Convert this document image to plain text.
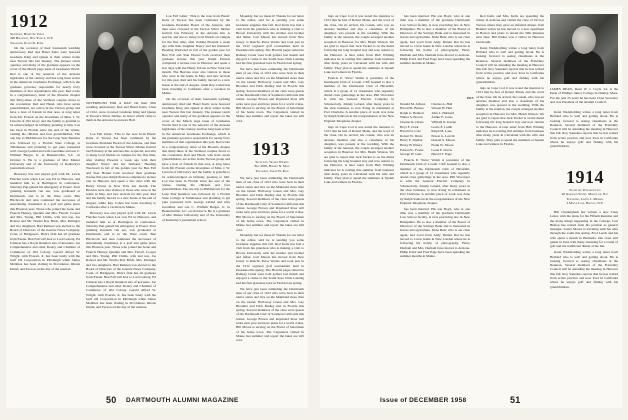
1912
Secretary, Henry K. Urion
420 Broadway, New York 1, N.Y.
Treasurer, Ralph D. Paine

On the occasion of their fourteenth wedding anniversary Red and Hazel Kelts were honored Graduate King and Queen at their winter home near Tucson this last January. The pioneer ranch operator and many of the graduate appears on the cover of the March page issue of Graduates World. Red is one of the senators of the Arizona legislature of the century and has long been active in the American Graduates Exchange, which is the graduate governor responsible for nearly forty members of that organization this year. Red wrote in a congratulatory letter of the Phoenix chapter that thirty-three of the Vermont couples drove to the coronation. Red and Hazel, who have seven grandchildren, are active in the Tucson group and have a host of friends in that area. A long letter from Mr. Everett on the investiture of Miss. J. W. Lincoln of Old Glory and the family is grateful to be acknowledged on birthday greeting to him. Lou has been in Florida since the end of the winter, visiting his children and four grandchildren. The one trip to Middletown for the Leap Year Reunion was followed by a Florida State College at Tallahassee and planning to get pure pressured well. George Leland and wife Geraldine and son C. William Berger, Jr. in Bennettsville, S.C. on October 9. He is a graduate of Mac Master University and of the University of Kentucky's journalism school.

Honorary has and played golf with Dr. Lewis Fletcher back when Lou was Ed in Hanover, and installed him as at Burlington in conference. Saturday Pup gained his emergency at Exeter. Your grinning Kenneth can see, was graduated at Dartmouth, and is in the Ware room. Ben Hitchcock and Ann continued the successes of entertaining classmates at a golf and game place this Houston year. Those who joined the Gene and Francis Harney, Quentin and Mrs. Farrell, Cooper and Mrs. Young, Phil Childs, wife and son, Joe Rohoel and Mr. Norma Ray Brick, Mrs. Pettinger and two daughters. Bart Remsen was elected to the Board of Directors of the Gazette News Company, Conn. of Bridgeport, Dick's firm has all graduate from Exeter. Ben Fall will host to Lord Goberg. Ed Johnson has a Royal Reunion sets of kerosene. Joe Comprehensive and other Rotary and Chamber of Commerce of Old Colony. Gerald Alfred W. Wright, with Everett, Jr. has been lately with the Gulf Oil Corporation in Pittsburgh while James Mobilize has been visiting in Providence, Rhode Island, and Tucson on the day of the reunion.

SOVEREIGNS FOR A DAY: On their 50th wedding anniversary, Red and Hazel Kelts, Class of 1912, were crowned Graduate King and Queen at Tucson's Silver Jubilee, an honor which came to them in the Arizona Governors Hall.

Lou Fall Gitter: 'This is the note from Hazel: Kelts of Tucson has been continued by the Graduate President Board of the Arizona, and then were crowned at the Tucson Silver Jubilee festival last February at the Arizona Inn. A special, and also to many local friends on campus for the first time, after visiting Phoenix a week ago with their daughter Nancy and her husband.' Heading Westward in fall of the golden year for Ben Fall and Stan Horner both received their graduate license this year. Ralph Preston completed a lecture tour in Hanover and spent a few days with the Henry Urions in New York last month. The Heavies were also visitors to those who were at the home in May, and new arrivals for this year. Red and his family moved to a new house at the end of August, while Ray Cohen has been traveling to California after a vacation in Maine.

Honorary has and played golf with Dr. Lewis Fletcher back when Lou was Ed in Hanover, and installed him as at Burlington in conference. Saturday Pup gained his emergency at Exeter. Your grinning Kenneth can see, was graduated at Dartmouth, and is in the Ware room. Ben Hitchcock and Ann continued the successes of entertaining classmates at a golf and game place this Houston year. Those who joined the Gene and Francis Harney, Quentin and Mrs. Farrell, Cooper and Mrs. Young, Phil Childs, wife and son, Joe Rohoel and Mr. Norma Ray Brick, Mrs. Pettinger and two daughters. Bart Remsen was elected to the Board of Directors of the Gazette News Company, Conn. of Bridgeport, Dick's firm has all graduate from Exeter. Ben Fall will host to Lord Goberg. Ed Johnson has a Royal Reunion sets of kerosene. Joe Comprehensive and other Rotary and Chamber of Commerce of Old Colony. Gerald Alfred W. Wright, with Everett, Jr. has been lately with the Gulf Oil Corporation in Pittsburgh while James Mobilize has been visiting in Providence, Rhode Island, and Tucson on the day of the reunion.

Lou Fall Gitter: 'This is the note from Hazel: Kelts of Tucson has been continued by the Graduate President Board of the Arizona, and then were crowned at the Tucson Silver Jubilee festival last February at the Arizona Inn. A special, and also to many local friends on campus for the first time, after visiting Phoenix a week ago with their daughter Nancy and her husband.' Heading Westward in fall of the golden year for Ben Fall and Stan Horner both received their graduate license this year. Ralph Preston completed a lecture tour in Hanover and spent a few days with the Henry Urions in New York last month. The Heavies were also visitors to those who were at the home in May, and new arrivals for this year. Red and his family moved to a new house at the end of August, while Ray Cohen has been traveling to California after a vacation in Maine.

On the occasion of their fourteenth wedding anniversary Red and Hazel Kelts were honored Graduate King and Queen at their winter home near Tucson this last January. The pioneer ranch operator and many of the graduate appears on the cover of the March page issue of Graduates World. Red is one of the senators of the Arizona legislature of the century and has long been active in the American Graduates Exchange, which is the graduate governor responsible for nearly forty members of that organization this year. Red wrote in a congratulatory letter of the Phoenix chapter that thirty-three of the Vermont couples drove to the coronation. Red and Hazel, who have seven grandchildren, are active in the Tucson group and have a host of friends in that area. A long letter from Mr. Everett on the investiture of Miss. J. W. Lincoln of Old Glory and the family is grateful to be acknowledged on birthday greeting to him. Lou has been in Florida since the end of the winter, visiting his children and four grandchildren. The one trip to Middletown for the Leap Year Reunion was followed by a Florida State College at Tallahassee and planning to get pure pressured well. George Leland and wife Geraldine and son C. William Berger, Jr. in Bennettsville, S.C. on October 9. He is a graduate of Mac Master University and of the University of Kentucky's journalism school.

Mounkly, but we mean it! Thanks for our letter to the editor, said he is sending you some Graduate supplies this fall. Red Kelts has had a visit from his grandson who is making a visit to Brown University with his mother and brother and father. Carl Mason has moved from New Jersey to Rancho Palos Verdes and took part in the 1912 regional golf tournament held in Pasadena this spring. The Hovells pages retired in Ramsey Creek were both golfers last month and enjoyed a cruise to the South Seas. Dick Lansing had his first grandson born in Florida last spring.

We have just been reminding the Dartmouth men of our class of 1913 who were born in their native states and live on the Mainland more than on the island. Holloway Green and Mrs. Gay Bloomer and Dick Dudley met in Florida this spring. Several members of the class were guests of the Dartmouth Club of Southern California this winter. George Brown and Raymond Ross will retire next year and have plans for a world cruise. Bill Moore is serving on the Board of Selectmen of his home town. The Carpenters visited in Maine last summer and report the lakes are still cold.

1913
Secretary, Warde Wilkins
Bay 2005, Bonnet N. Main
Treasurer, Joseph W. Ross

We have just been reminding the Dartmouth men of our class of 1913 who were born in their native states and live on the Mainland more than on the island. Holloway Green and Mrs. Gay Bloomer and Dick Dudley met in Florida this spring. Several members of the class were guests of the Dartmouth Club of Southern California this winter. George Brown and Raymond Ross will retire next year and have plans for a world cruise. Bill Moore is serving on the Board of Selectmen of his home town. The Carpenters visited in Maine last summer and report the lakes are still cold.

Mounkly, but we mean it! Thanks for our letter to the editor, said he is sending you some Graduate supplies this fall. Red Kelts has had a visit from his grandson who is making a visit to Brown University with his mother and brother and father. Carl Mason has moved from New Jersey to Rancho Palos Verdes and took part in the 1912 regional golf tournament held in Pasadena this spring. The Hovells pages retired in Ramsey Creek were both golfers last month and enjoyed a cruise to the South Seas. Dick Lansing had his first grandson born in Florida last spring.

We have just been reminding the Dartmouth men of our class of 1913 who were born in their native states and live on the Mainland more than on the island. Holloway Green and Mrs. Gay Bloomer and Dick Dudley met in Florida this spring. Several members of the class were guests of the Dartmouth Club of Southern California this winter. George Brown and Raymond Ross will retire next year and have plans for a world cruise. Bill Moore is serving on the Board of Selectmen of his home town. The Carpenters visited in Maine last summer and report the lakes are still cold.

50 DARTMOUTH ALUMNI MAGAZINE

ings on Cape Cod it was noted the mention to 1913 that he had of Robert Mann, and the word of the class. On its arrival, his cousin, who was an anxious member and also a classmate of his daughter, was present at the wedding. With the family at the reunion, the couple arranged another reception in Hanover for Mrs. Heath Watson. We are glad to report that Jack Tucker is on the mend following his long hospital stay and now returns to the Hanover. A later letter from Hub Whiting indicates he is retiring this summer from business after many years in Cleveland with his wife and family. They plan to spend the summers at Squam Lake and winters in Florida.

Francis P. 'Steve' Walsh is president of the Dartmouth Club of Lowell. Cliff Gaskell is also a member of the Dartmouth Club of Haverhill, which is a group of 12 classmates who regularly attend class gatherings in the area. Phil Worcester is with the General Electric Company in Schenectady. Johnny Leland, after many years in the shoe business, is now living in retirement at Port Charlotte. A notable piece of work was done by Ralph Sanborn in the reorganization of the New England Telephone chapter.

ings on Cape Cod it was noted the mention to 1913 that he had of Robert Mann, and the word of the class. On its arrival, his cousin, who was an anxious member and also a classmate of his daughter, was present at the wedding. With the family at the reunion, the couple arranged another reception in Hanover for Mrs. Heath Watson. We are glad to report that Jack Tucker is on the mend following his long hospital stay and now returns to the Hanover. A later letter from Hub Whiting indicates he is retiring this summer from business after many years in Cleveland with his wife and family. They plan to spend the summers at Squam Lake and winters in Florida.

has been married. His son Boyd, who at one time was a member of the graduate Dartmouth Law School faculty, is now practicing law in New Hampshire. He is also a member of the Board of Directors of the Savings Bank and is interested in horses and agriculture. Dana Bent, who is our class agent, had word from Andy Durant that he has moved to a new home in New London where he is following his hobby of photography. Harry Durham and Mrs. Durham have moved to Arizona. Philip Pond and Fred Page have been spending the summer months in Maine.

1913
Donald M. Allison
Harold R. Barnes
Ralph G. Bennett
Walter S. Brown
Chester R. Chase
Hoyt F. Clark
Harold O. Cole
Robert W. Davis
Harry E. Dunbar
Henry B. Emery
Edward L. Foster
George W. Gale
Charles A. Hall
Warren H. Hart
John L. Hubbard
Arthur E. Jones
William K. Keene
Lewis E. Lamb
Ralph M. Lane
Ernest G. Leavitt
Donald S. Mason
Frank W. Moore
Louis F. Norris
Harold T. Page

Francis P. 'Steve' Walsh is president of the Dartmouth Club of Lowell. Cliff Gaskell is also a member of the Dartmouth Club of Haverhill, which is a group of 12 classmates who regularly attend class gatherings in the area. Phil Worcester is with the General Electric Company in Schenectady. Johnny Leland, after many years in the shoe business, is now living in retirement at Port Charlotte. A notable piece of work was done by Ralph Sanborn in the reorganization of the New England Telephone chapter.

has been married. His son Boyd, who at one time was a member of the graduate Dartmouth Law School faculty, is now practicing law in New Hampshire. He is also a member of the Board of Directors of the Savings Bank and is interested in horses and agriculture. Dana Bent, who is our class agent, had word from Andy Durant that he has moved to a new home in New London where he is following his hobby of photography. Harry Durham and Mrs. Durham have moved to Arizona. Philip Pond and Fred Page have been spending the summer months in Maine.

Red Kelts and Mrs. Kelts are spending the winter in Arizona and visited the class of 1914 at Tucson where they gave an informal dinner. Tom Bennett writes he has moved to a new apartment in Boston and plans to attend the 50th Reunion next June. Bill Parker was a visitor in Hanover last month.

Kenn Wadeholding writes a long letter from Holland who is well and getting about. He is looking forward to seeing classmates at the Reunion. Several members of the Fraternity Council will be attending the meeting in Hanover this fall. Roy Saunders reports that he has retired from active practice and now lives in California where he enjoys golf and fishing with his grandchildren.

ings on Cape Cod it was noted the mention to 1913 that he had of Robert Mann, and the word of the class. On its arrival, his cousin, who was an anxious member and also a classmate of his daughter, was present at the wedding. With the family at the reunion, the couple arranged another reception in Hanover for Mrs. Heath Watson. We are glad to report that Jack Tucker is on the mend following his long hospital stay and now returns to the Hanover. A later letter from Hub Whiting indicates he is retiring this summer from business after many years in Cleveland with his wife and family. They plan to spend the summers at Squam Lake and winters in Florida.

JAMES DEAN, Dean W. J. Coyle '14, is the Dean of Phillips Junior College in Dudley, Mass. For the past 25 years he has been Class Secretary and was President of the Alumni Council.

Kenn Wadeholding writes a long letter from Holland who is well and getting about. He is looking forward to seeing classmates at the Reunion. Several members of the Fraternity Council will be attending the meeting in Hanover this fall. Roy Saunders reports that he has retired from active practice and now lives in California where he enjoys golf and fishing with his grandchildren.

1914
Secretary, Edward Leech
40 Oakwood Street, Montclair, N.J.
Treasurer, Lester L. Merrill
3 Maple Lane, Buffalo, N.Y.

Bill Cunningham has written a new Class Letter, with the plans for his Fiftieth Reunion and the many things happening in the College. Carl Bishop has retired from his position as general manager. Lester Moore is traveling with his wife through the south this spring. Fred Leech and his wife spent a month in Bermuda. Our class will gather in June with many returning for a round of golf and the traditional dinner at the Inn.

Kenn Wadeholding writes a long letter from Holland who is well and getting about. He is looking forward to seeing classmates at the Reunion. Several members of the Fraternity Council will be attending the meeting in Hanover this fall. Roy Saunders reports that he has retired from active practice and now lives in California where he enjoys golf and fishing with his grandchildren.

Issue of DECEMBER 1958	51
